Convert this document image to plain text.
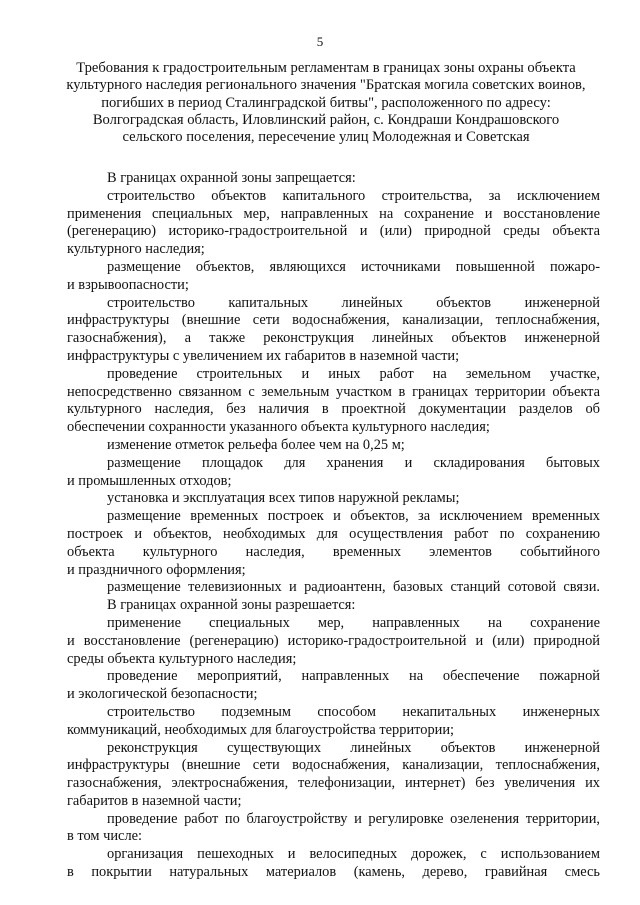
5
Требования к градостроительным регламентам в границах зоны охраны объекта
культурного наследия регионального значения "Братская могила советских воинов,
погибших в период Сталинградской битвы", расположенного по адресу:
Волгоградская область, Иловлинский район, с. Кондраши Кондрашовского
сельского поселения, пересечение улиц Молодежная и Советская
В границах охранной зоны запрещается:
строительство объектов капитального строительства, за исключением
применения специальных мер, направленных на сохранение и восстановление
(регенерацию) историко-градостроительной и (или) природной среды объекта
культурного наследия;
размещение объектов, являющихся источниками повышенной пожаро-
и взрывоопасности;
строительство капитальных линейных объектов инженерной
инфраструктуры (внешние сети водоснабжения, канализации, теплоснабжения,
газоснабжения), а также реконструкция линейных объектов инженерной
инфраструктуры с увеличением их габаритов в наземной части;
проведение строительных и иных работ на земельном участке,
непосредственно связанном с земельным участком в границах территории объекта
культурного наследия, без наличия в проектной документации разделов об
обеспечении сохранности указанного объекта культурного наследия;
изменение отметок рельефа более чем на 0,25 м;
размещение площадок для хранения и складирования бытовых
и промышленных отходов;
установка и эксплуатация всех типов наружной рекламы;
размещение временных построек и объектов, за исключением временных
построек и объектов, необходимых для осуществления работ по сохранению
объекта культурного наследия, временных элементов событийного
и праздничного оформления;
размещение телевизионных и радиоантенн, базовых станций сотовой связи.
В границах охранной зоны разрешается:
применение специальных мер, направленных на сохранение
и восстановление (регенерацию) историко-градостроительной и (или) природной
среды объекта культурного наследия;
проведение мероприятий, направленных на обеспечение пожарной
и экологической безопасности;
строительство подземным способом некапитальных инженерных
коммуникаций, необходимых для благоустройства территории;
реконструкция существующих линейных объектов инженерной
инфраструктуры (внешние сети водоснабжения, канализации, теплоснабжения,
газоснабжения, электроснабжения, телефонизации, интернет) без увеличения их
габаритов в наземной части;
проведение работ по благоустройству и регулировке озеленения территории,
в том числе:
организация пешеходных и велосипедных дорожек, с использованием
в покрытии натуральных материалов (камень, дерево, гравийная смесь
